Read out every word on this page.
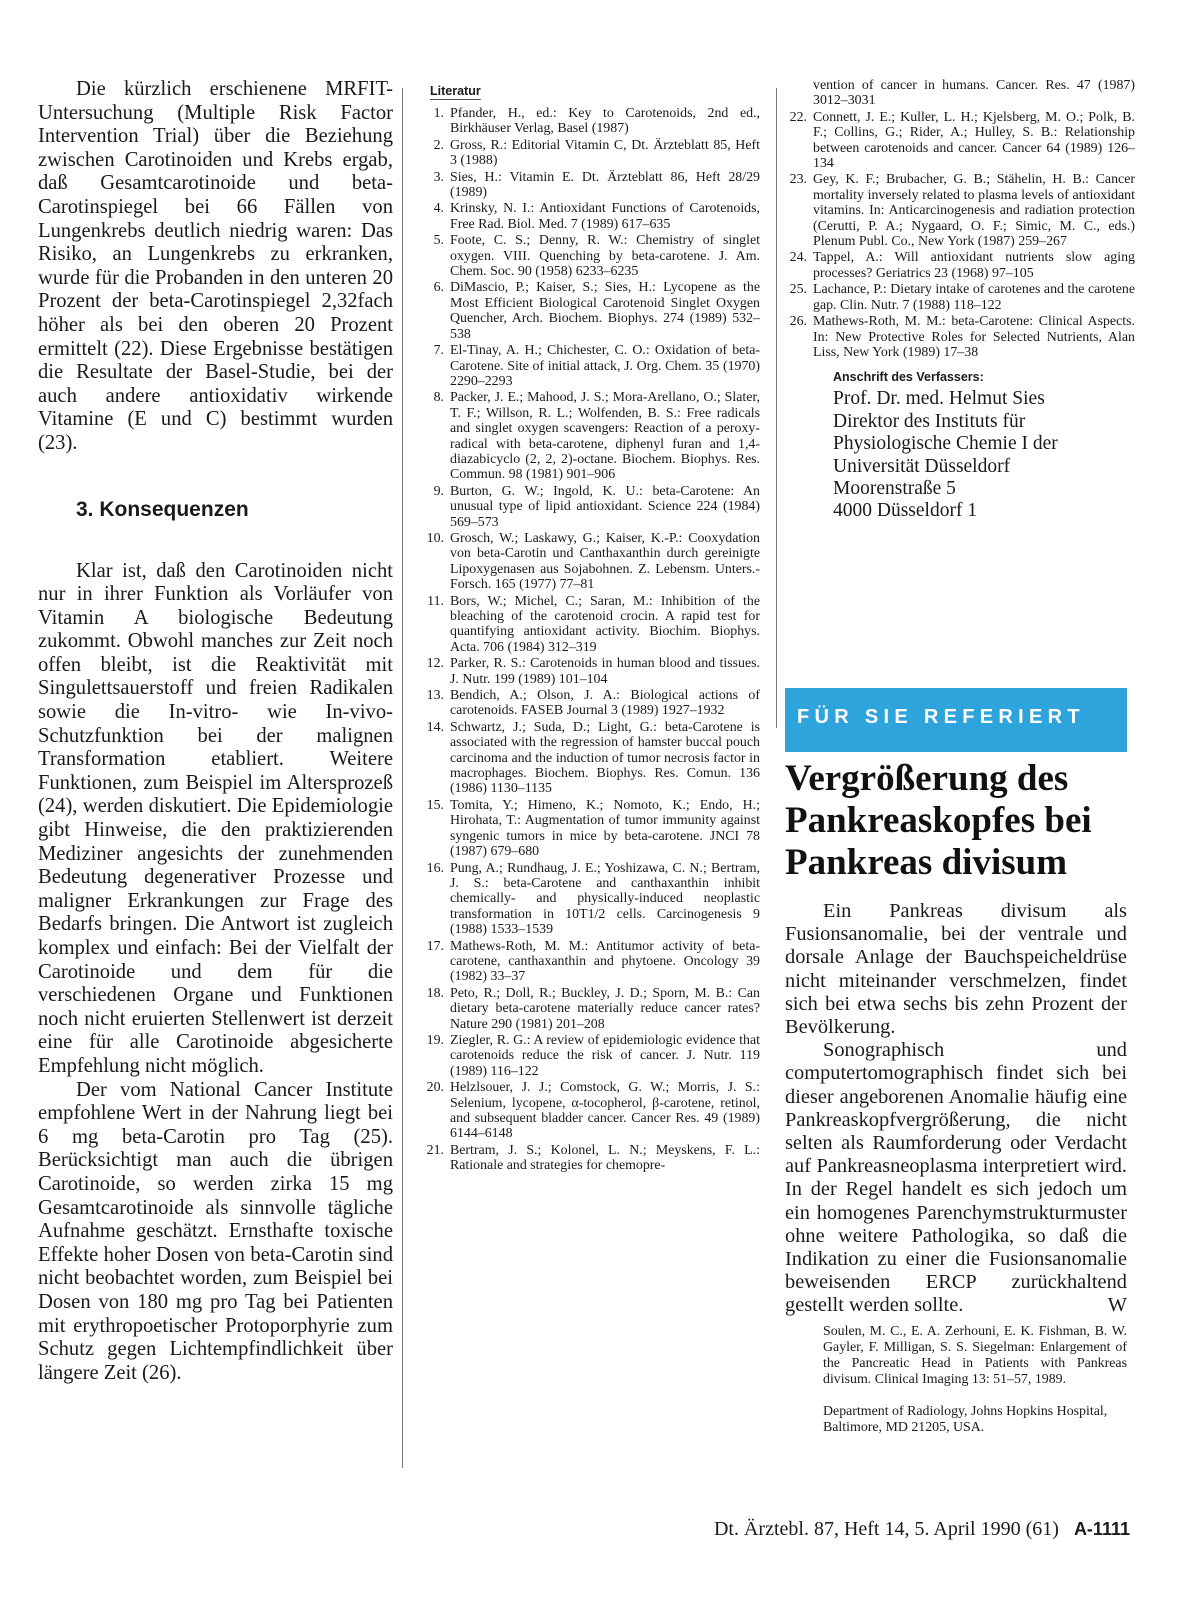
Die kürzlich erschienene MRFIT-Untersuchung (Multiple Risk Factor Intervention Trial) über die Beziehung zwischen Carotinoiden und Krebs ergab, daß Gesamtcarotinoide und beta-Carotinspiegel bei 66 Fällen von Lungenkrebs deutlich niedrig waren: Das Risiko, an Lungenkrebs zu erkranken, wurde für die Probanden in den unteren 20 Prozent der beta-Carotinspiegel 2,32fach höher als bei den oberen 20 Prozent ermittelt (22). Diese Ergebnisse bestätigen die Resultate der Basel-Studie, bei der auch andere antioxidativ wirkende Vitamine (E und C) bestimmt wurden (23).

3. Konsequenzen

Klar ist, daß den Carotinoiden nicht nur in ihrer Funktion als Vorläufer von Vitamin A biologische Bedeutung zukommt. Obwohl manches zur Zeit noch offen bleibt, ist die Reaktivität mit Singulettsauerstoff und freien Radikalen sowie die In-vitro- wie In-vivo-Schutzfunktion bei der malignen Transformation etabliert. Weitere Funktionen, zum Beispiel im Altersprozeß (24), werden diskutiert. Die Epidemiologie gibt Hinweise, die den praktizierenden Mediziner angesichts der zunehmenden Bedeutung degenerativer Prozesse und maligner Erkrankungen zur Frage des Bedarfs bringen. Die Antwort ist zugleich komplex und einfach: Bei der Vielfalt der Carotinoide und dem für die verschiedenen Organe und Funktionen noch nicht eruierten Stellenwert ist derzeit eine für alle Carotinoide abgesicherte Empfehlung nicht möglich.

Der vom National Cancer Institute empfohlene Wert in der Nahrung liegt bei 6 mg beta-Carotin pro Tag (25). Berücksichtigt man auch die übrigen Carotinoide, so werden zirka 15 mg Gesamtcarotinoide als sinnvolle tägliche Aufnahme geschätzt. Ernsthafte toxische Effekte hoher Dosen von beta-Carotin sind nicht beobachtet worden, zum Beispiel bei Dosen von 180 mg pro Tag bei Patienten mit erythropoetischer Protoporphyrie zum Schutz gegen Lichtempfindlichkeit über längere Zeit (26).

Literatur
1. Pfander, H., ed.: Key to Carotenoids, 2nd ed., Birkhäuser Verlag, Basel (1987)
2. Gross, R.: Editorial Vitamin C, Dt. Ärzteblatt 85, Heft 3 (1988)
3. Sies, H.: Vitamin E. Dt. Ärzteblatt 86, Heft 28/29 (1989)
4. Krinsky, N. I.: Antioxidant Functions of Carotenoids, Free Rad. Biol. Med. 7 (1989) 617–635
5. Foote, C. S.; Denny, R. W.: Chemistry of singlet oxygen. VIII. Quenching by beta-carotene. J. Am. Chem. Soc. 90 (1958) 6233–6235
6. DiMascio, P.; Kaiser, S.; Sies, H.: Lycopene as the Most Efficient Biological Carotenoid Singlet Oxygen Quencher, Arch. Biochem. Biophys. 274 (1989) 532–538
7. El-Tinay, A. H.; Chichester, C. O.: Oxidation of beta-Carotene. Site of initial attack, J. Org. Chem. 35 (1970) 2290–2293
8. Packer, J. E.; Mahood, J. S.; Mora-Arellano, O.; Slater, T. F.; Willson, R. L.; Wolfenden, B. S.: Free radicals and singlet oxygen scavengers: Reaction of a peroxy-radical with beta-carotene, diphenyl furan and 1,4-diazabicyclo (2, 2, 2)-octane. Biochem. Biophys. Res. Commun. 98 (1981) 901–906
9. Burton, G. W.; Ingold, K. U.: beta-Carotene: An unusual type of lipid antioxidant. Science 224 (1984) 569–573
10. Grosch, W.; Laskawy, G.; Kaiser, K.-P.: Cooxydation von beta-Carotin und Canthaxanthin durch gereinigte Lipoxygenasen aus Sojabohnen. Z. Lebensm. Unters.-Forsch. 165 (1977) 77–81
11. Bors, W.; Michel, C.; Saran, M.: Inhibition of the bleaching of the carotenoid crocin. A rapid test for quantifying antioxidant activity. Biochim. Biophys. Acta. 706 (1984) 312–319
12. Parker, R. S.: Carotenoids in human blood and tissues. J. Nutr. 199 (1989) 101–104
13. Bendich, A.; Olson, J. A.: Biological actions of carotenoids. FASEB Journal 3 (1989) 1927–1932
14. Schwartz, J.; Suda, D.; Light, G.: beta-Carotene is associated with the regression of hamster buccal pouch carcinoma and the induction of tumor necrosis factor in macrophages. Biochem. Biophys. Res. Comun. 136 (1986) 1130–1135
15. Tomita, Y.; Himeno, K.; Nomoto, K.; Endo, H.; Hirohata, T.: Augmentation of tumor immunity against syngenic tumors in mice by beta-carotene. JNCI 78 (1987) 679–680
16. Pung, A.; Rundhaug, J. E.; Yoshizawa, C. N.; Bertram, J. S.: beta-Carotene and canthaxanthin inhibit chemically- and physically-induced neoplastic transformation in 10T1/2 cells. Carcinogenesis 9 (1988) 1533–1539
17. Mathews-Roth, M. M.: Antitumor activity of beta-carotene, canthaxanthin and phytoene. Oncology 39 (1982) 33–37
18. Peto, R.; Doll, R.; Buckley, J. D.; Sporn, M. B.: Can dietary beta-carotene materially reduce cancer rates? Nature 290 (1981) 201–208
19. Ziegler, R. G.: A review of epidemiologic evidence that carotenoids reduce the risk of cancer. J. Nutr. 119 (1989) 116–122
20. Helzlsouer, J. J.; Comstock, G. W.; Morris, J. S.: Selenium, lycopene, α-tocopherol, β-carotene, retinol, and subsequent bladder cancer. Cancer Res. 49 (1989) 6144–6148
21. Bertram, J. S.; Kolonel, L. N.; Meyskens, F. L.: Rationale and strategies for chemopre-
vention of cancer in humans. Cancer. Res. 47 (1987) 3012–3031
22. Connett, J. E.; Kuller, L. H.; Kjelsberg, M. O.; Polk, B. F.; Collins, G.; Rider, A.; Hulley, S. B.: Relationship between carotenoids and cancer. Cancer 64 (1989) 126–134
23. Gey, K. F.; Brubacher, G. B.; Stähelin, H. B.: Cancer mortality inversely related to plasma levels of antioxidant vitamins. In: Anticarcinogenesis and radiation protection (Cerutti, P. A.; Nygaard, O. F.; Simic, M. C., eds.) Plenum Publ. Co., New York (1987) 259–267
24. Tappel, A.: Will antioxidant nutrients slow aging processes? Geriatrics 23 (1968) 97–105
25. Lachance, P.: Dietary intake of carotenes and the carotene gap. Clin. Nutr. 7 (1988) 118–122
26. Mathews-Roth, M. M.: beta-Carotene: Clinical Aspects. In: New Protective Roles for Selected Nutrients, Alan Liss, New York (1989) 17–38
Anschrift des Verfassers:
Prof. Dr. med. Helmut Sies
Direktor des Instituts für
Physiologische Chemie I der
Universität Düsseldorf
Moorenstraße 5
4000 Düsseldorf 1
FÜR SIE REFERIERT
Vergrößerung des
Pankreaskopfes bei
Pankreas divisum

Ein Pankreas divisum als Fusionsanomalie, bei der ventrale und dorsale Anlage der Bauchspeicheldrüse nicht miteinander verschmelzen, findet sich bei etwa sechs bis zehn Prozent der Bevölkerung.

Sonographisch und computertomographisch findet sich bei dieser angeborenen Anomalie häufig eine Pankreaskopfvergrößerung, die nicht selten als Raumforderung oder Verdacht auf Pankreasneoplasma interpretiert wird. In der Regel handelt es sich jedoch um ein homogenes Parenchymstrukturmuster ohne weitere Pathologika, so daß die Indikation zu einer die Fusionsanomalie beweisenden ERCP zurückhaltend gestellt werden sollte.	W

Soulen, M. C., E. A. Zerhouni, E. K. Fishman, B. W. Gayler, F. Milligan, S. S. Siegelman: Enlargement of the Pancreatic Head in Patients with Pankreas divisum. Clinical Imaging 13: 51–57, 1989.

Department of Radiology, Johns Hopkins Hospital, Baltimore, MD 21205, USA.

Dt. Ärztebl. 87, Heft 14, 5. April 1990 (61) A-1111
